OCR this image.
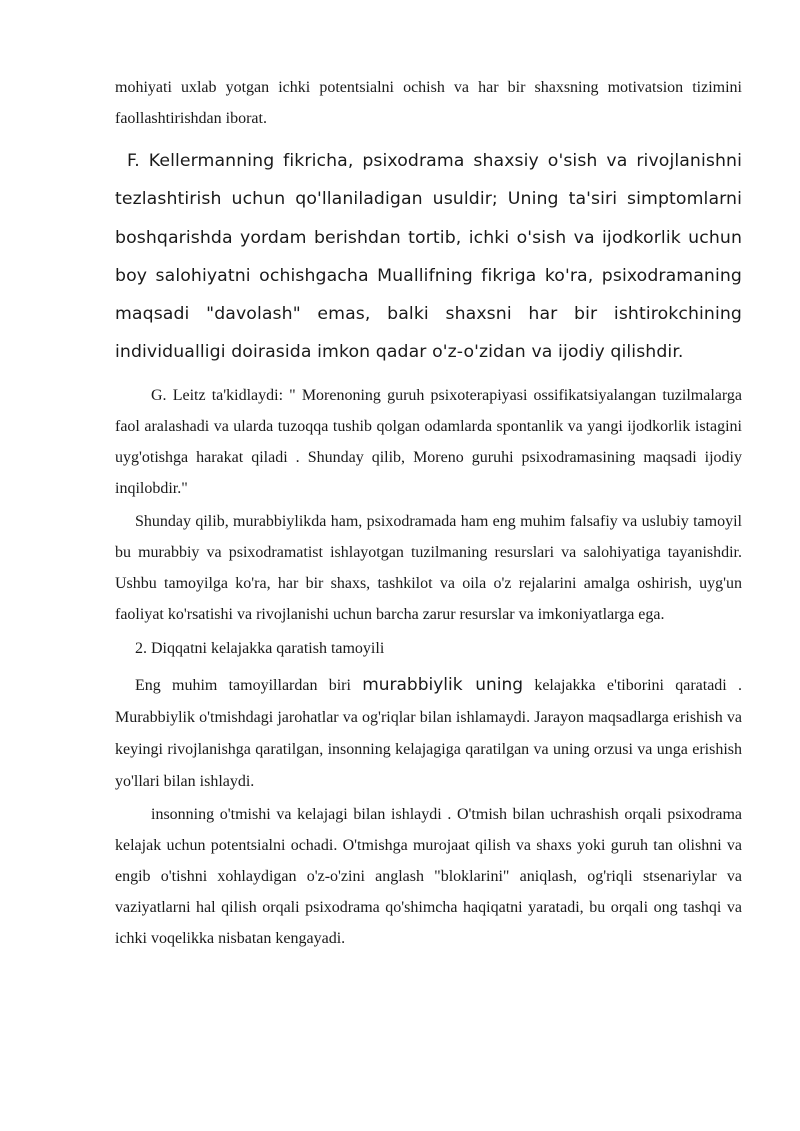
mohiyati uxlab yotgan ichki potentsialni ochish va har bir shaxsning motivatsion tizimini faollashtirishdan iborat.

F. Kellermanning fikricha, psixodrama shaxsiy o'sish va rivojlanishni tezlashtirish uchun qo'llaniladigan usuldir; Uning ta'siri simptomlarni boshqarishda yordam berishdan tortib, ichki o'sish va ijodkorlik uchun boy salohiyatni ochishgacha Muallifning fikriga ko'ra, psixodramaning maqsadi "davolash" emas, balki shaxsni har bir ishtirokchining individualligi doirasida imkon qadar o'z-o'zidan va ijodiy qilishdir.

G. Leitz ta'kidlaydi: " Morenoning guruh psixoterapiyasi ossifikatsiyalangan tuzilmalarga faol aralashadi va ularda tuzoqqa tushib qolgan odamlarda spontanlik va yangi ijodkorlik istagini uyg'otishga harakat qiladi . Shunday qilib, Moreno guruhi psixodramasining maqsadi ijodiy inqilobdir."

Shunday qilib, murabbiylikda ham, psixodramada ham eng muhim falsafiy va uslubiy tamoyil bu murabbiy va psixodramatist ishlayotgan tuzilmaning resurslari va salohiyatiga tayanishdir. Ushbu tamoyilga ko'ra, har bir shaxs, tashkilot va oila o'z rejalarini amalga oshirish, uyg'un faoliyat ko'rsatishi va rivojlanishi uchun barcha zarur resurslar va imkoniyatlarga ega.

2. Diqqatni kelajakka qaratish tamoyili

Eng muhim tamoyillardan biri murabbiylik uning kelajakka e'tiborini qaratadi . Murabbiylik o'tmishdagi jarohatlar va og'riqlar bilan ishlamaydi. Jarayon maqsadlarga erishish va keyingi rivojlanishga qaratilgan, insonning kelajagiga qaratilgan va uning orzusi va unga erishish yo'llari bilan ishlaydi.

insonning o'tmishi va kelajagi bilan ishlaydi . O'tmish bilan uchrashish orqali psixodrama kelajak uchun potentsialni ochadi. O'tmishga murojaat qilish va shaxs yoki guruh tan olishni va engib o'tishni xohlaydigan o'z-o'zini anglash "bloklarini" aniqlash, og'riqli stsenariylar va vaziyatlarni hal qilish orqali psixodrama qo'shimcha haqiqatni yaratadi, bu orqali ong tashqi va ichki voqelikka nisbatan kengayadi.
